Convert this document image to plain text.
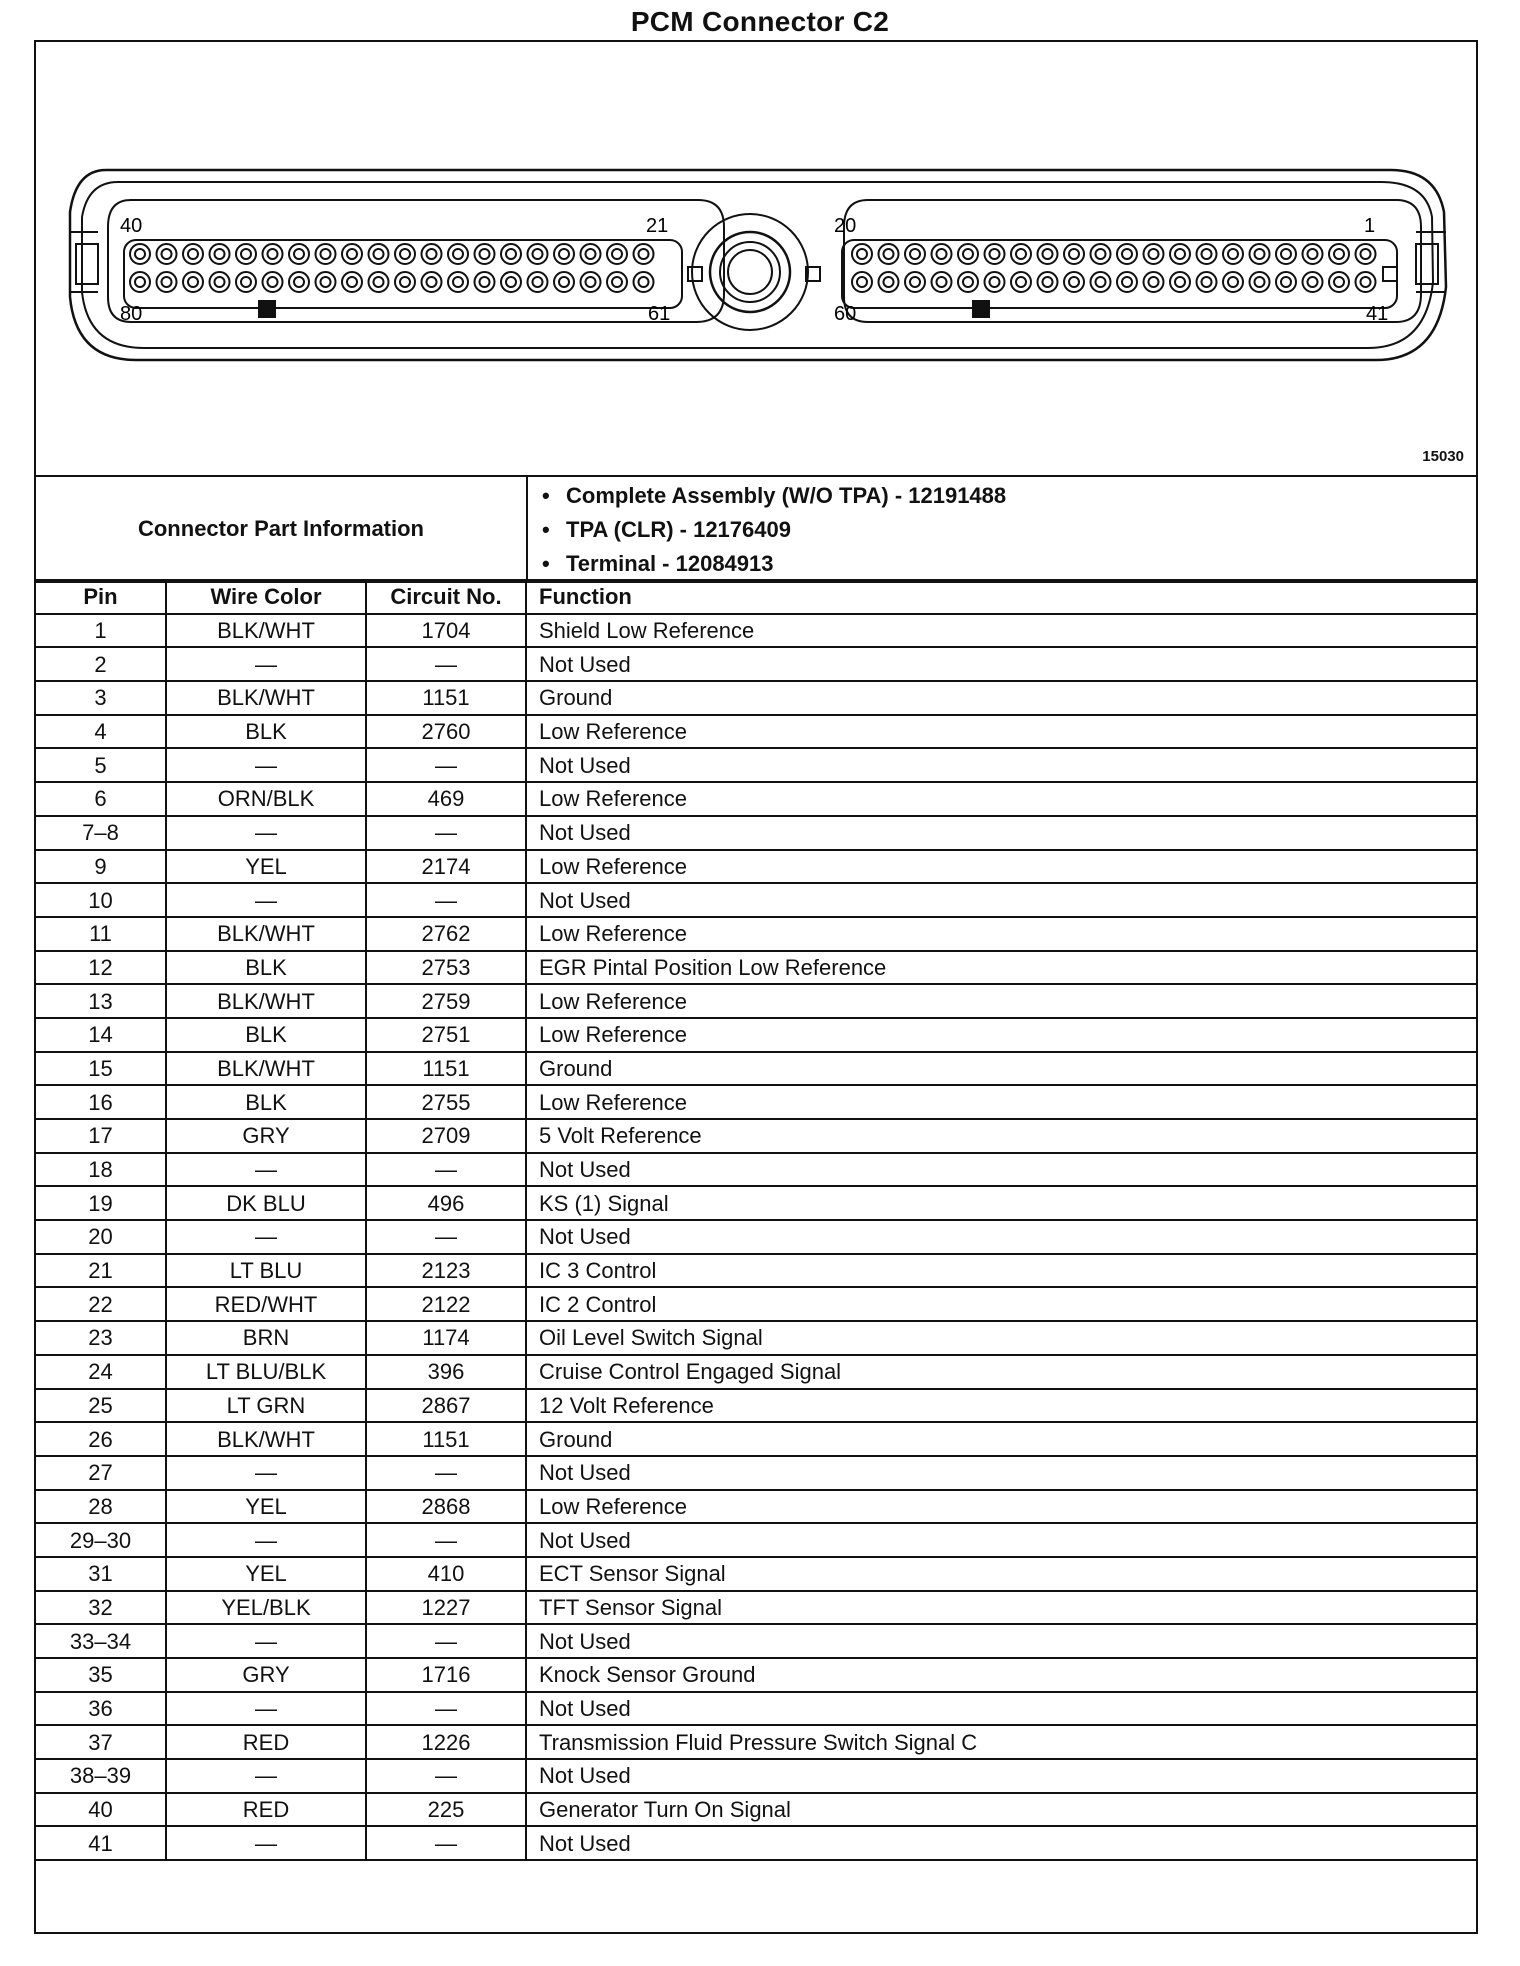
PCM Connector C2
40	21
80	61
20	1
60	41
15030
Connector Part Information
• Complete Assembly (W/O TPA) - 12191488
• TPA (CLR) - 12176409
• Terminal - 12084913
Pin	Wire Color	Circuit No.	Function
1	BLK/WHT	1704	Shield Low Reference
2	—	—	Not Used
3	BLK/WHT	1151	Ground
4	BLK	2760	Low Reference
5	—	—	Not Used
6	ORN/BLK	469	Low Reference
7–8	—	—	Not Used
9	YEL	2174	Low Reference
10	—	—	Not Used
11	BLK/WHT	2762	Low Reference
12	BLK	2753	EGR Pintal Position Low Reference
13	BLK/WHT	2759	Low Reference
14	BLK	2751	Low Reference
15	BLK/WHT	1151	Ground
16	BLK	2755	Low Reference
17	GRY	2709	5 Volt Reference
18	—	—	Not Used
19	DK BLU	496	KS (1) Signal
20	—	—	Not Used
21	LT BLU	2123	IC 3 Control
22	RED/WHT	2122	IC 2 Control
23	BRN	1174	Oil Level Switch Signal
24	LT BLU/BLK	396	Cruise Control Engaged Signal
25	LT GRN	2867	12 Volt Reference
26	BLK/WHT	1151	Ground
27	—	—	Not Used
28	YEL	2868	Low Reference
29–30	—	—	Not Used
31	YEL	410	ECT Sensor Signal
32	YEL/BLK	1227	TFT Sensor Signal
33–34	—	—	Not Used
35	GRY	1716	Knock Sensor Ground
36	—	—	Not Used
37	RED	1226	Transmission Fluid Pressure Switch Signal C
38–39	—	—	Not Used
40	RED	225	Generator Turn On Signal
41	—	—	Not Used
